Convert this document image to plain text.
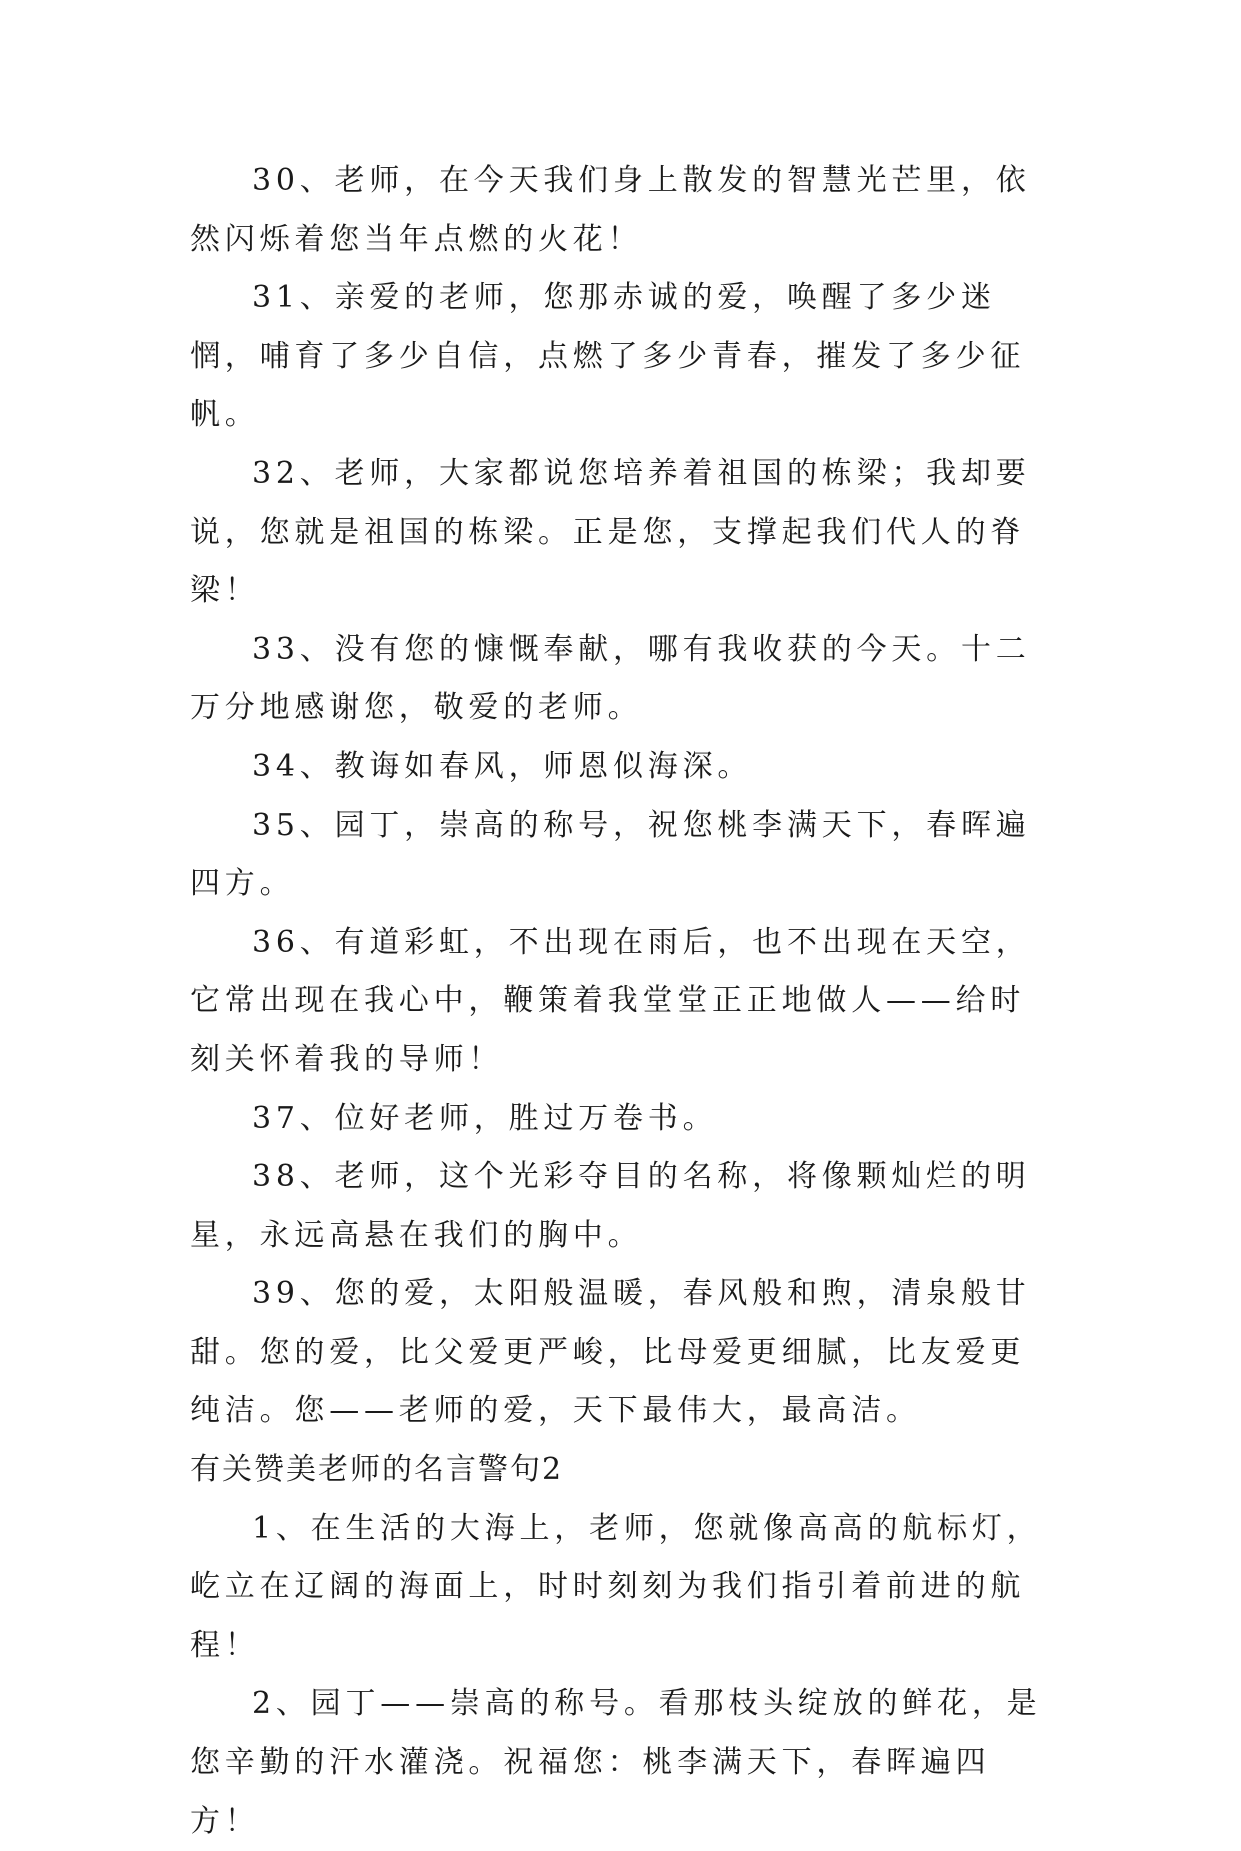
30、老师，在今天我们身上散发的智慧光芒里，依然闪烁着您当年点燃的火花！

31、亲爱的老师，您那赤诚的爱，唤醒了多少迷惘，哺育了多少自信，点燃了多少青春，摧发了多少征帆。

32、老师，大家都说您培养着祖国的栋梁；我却要说，您就是祖国的栋梁。正是您，支撑起我们代人的脊梁！

33、没有您的慷慨奉献，哪有我收获的今天。十二万分地感谢您，敬爱的老师。

34、教诲如春风，师恩似海深。

35、园丁，崇高的称号，祝您桃李满天下，春晖遍四方。

36、有道彩虹，不出现在雨后，也不出现在天空，它常出现在我心中，鞭策着我堂堂正正地做人——给时刻关怀着我的导师！

37、位好老师，胜过万卷书。

38、老师，这个光彩夺目的名称，将像颗灿烂的明星，永远高悬在我们的胸中。

39、您的爱，太阳般温暖，春风般和煦，清泉般甘甜。您的爱，比父爱更严峻，比母爱更细腻，比友爱更纯洁。您——老师的爱，天下最伟大，最高洁。

有关赞美老师的名言警句2

1、在生活的大海上，老师，您就像高高的航标灯，屹立在辽阔的海面上，时时刻刻为我们指引着前进的航程！

2、园丁——崇高的称号。看那枝头绽放的鲜花，是您辛勤的汗水灌浇。祝福您：桃李满天下，春晖遍四方！
